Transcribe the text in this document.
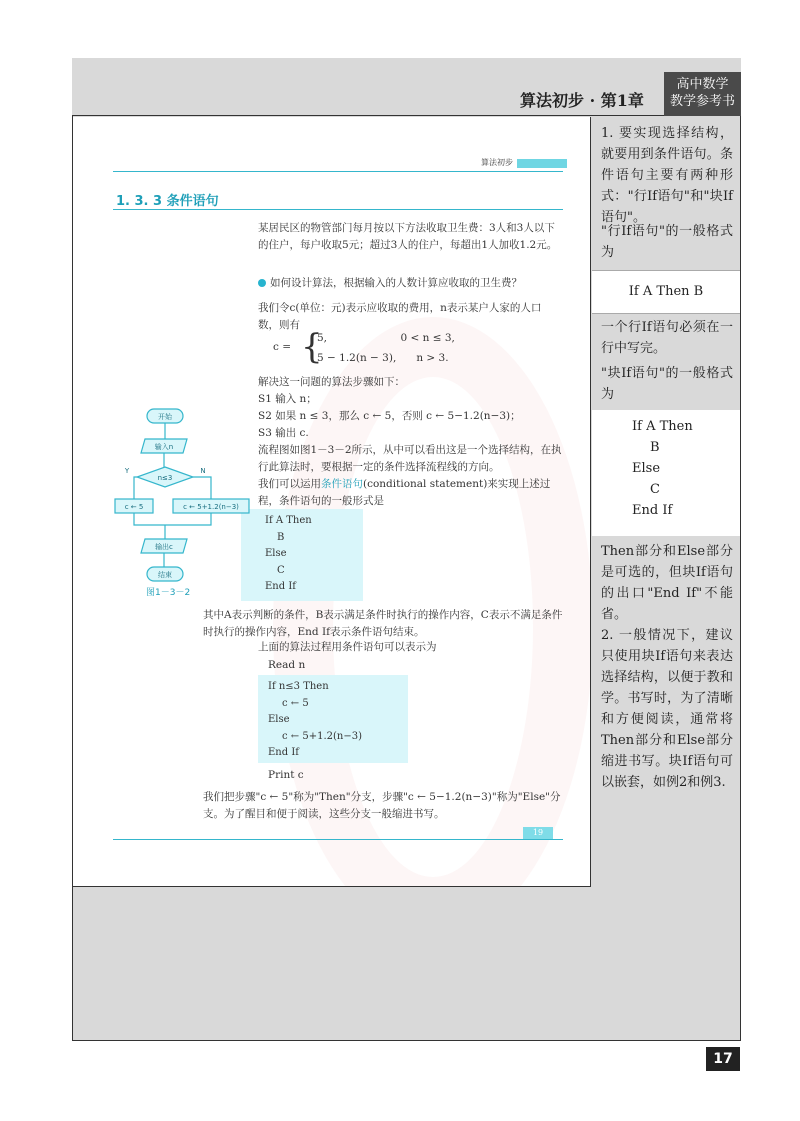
算法初步 · 第1章
高中数学
教学参考书
算法初步
1. 3. 3 条件语句
某居民区的物管部门每月按以下方法收取卫生费：3人和3人以下的住户，每户收取5元；超过3人的住户，每超出1人加收1.2元。
如何设计算法，根据输入的人数计算应收取的卫生费？
我们令c(单位：元)表示应收取的费用，n表示某户人家的人口数，则有
c = {
5,                      0 < n ≤ 3,
5 − 1.2(n − 3),      n > 3.
解决这一问题的算法步骤如下：
S1 输入 n；
S2 如果 n ≤ 3，那么 c ← 5，否则 c ← 5−1.2(n−3)；
S3 输出 c.
流程图如图1－3－2所示，从中可以看出这是一个选择结构，在执行此算法时，要根据一定的条件选择流程线的方向。
我们可以运用条件语句(conditional statement)来实现上述过程，条件语句的一般形式是
If A Then
B
Else
C
End If
其中A表示判断的条件，B表示满足条件时执行的操作内容，C表示不满足条件时执行的操作内容，End If表示条件语句结束。
上面的算法过程用条件语句可以表示为
Read n
If n≤3 Then
c ← 5
Else
c ← 5+1.2(n−3)
End If
Print c
我们把步骤"c ← 5"称为"Then"分支，步骤"c ← 5−1.2(n−3)"称为"Else"分支。为了醒目和便于阅读，这些分支一般缩进书写。
开始
输入n
n≤3
Y	N
c ← 5	c ← 5+1.2(n−3)
输出c
结束
图1－3－2
19
1. 要实现选择结构，就要用到条件语句。条件语句主要有两种形式："行If语句"和"块If语句"。
"行If语句"的一般格式为
一个行If语句必须在一行中写完。
"块If语句"的一般格式为
Then部分和Else部分是可选的，但块If语句的出口"End If"不能省。
2. 一般情况下，建议只使用块If语句来表达选择结构，以便于教和学。书写时，为了清晰和方便阅读，通常将Then部分和Else部分缩进书写。块If语句可以嵌套，如例2和例3.
If A Then B
If A Then
B
Else
C
End If
17
